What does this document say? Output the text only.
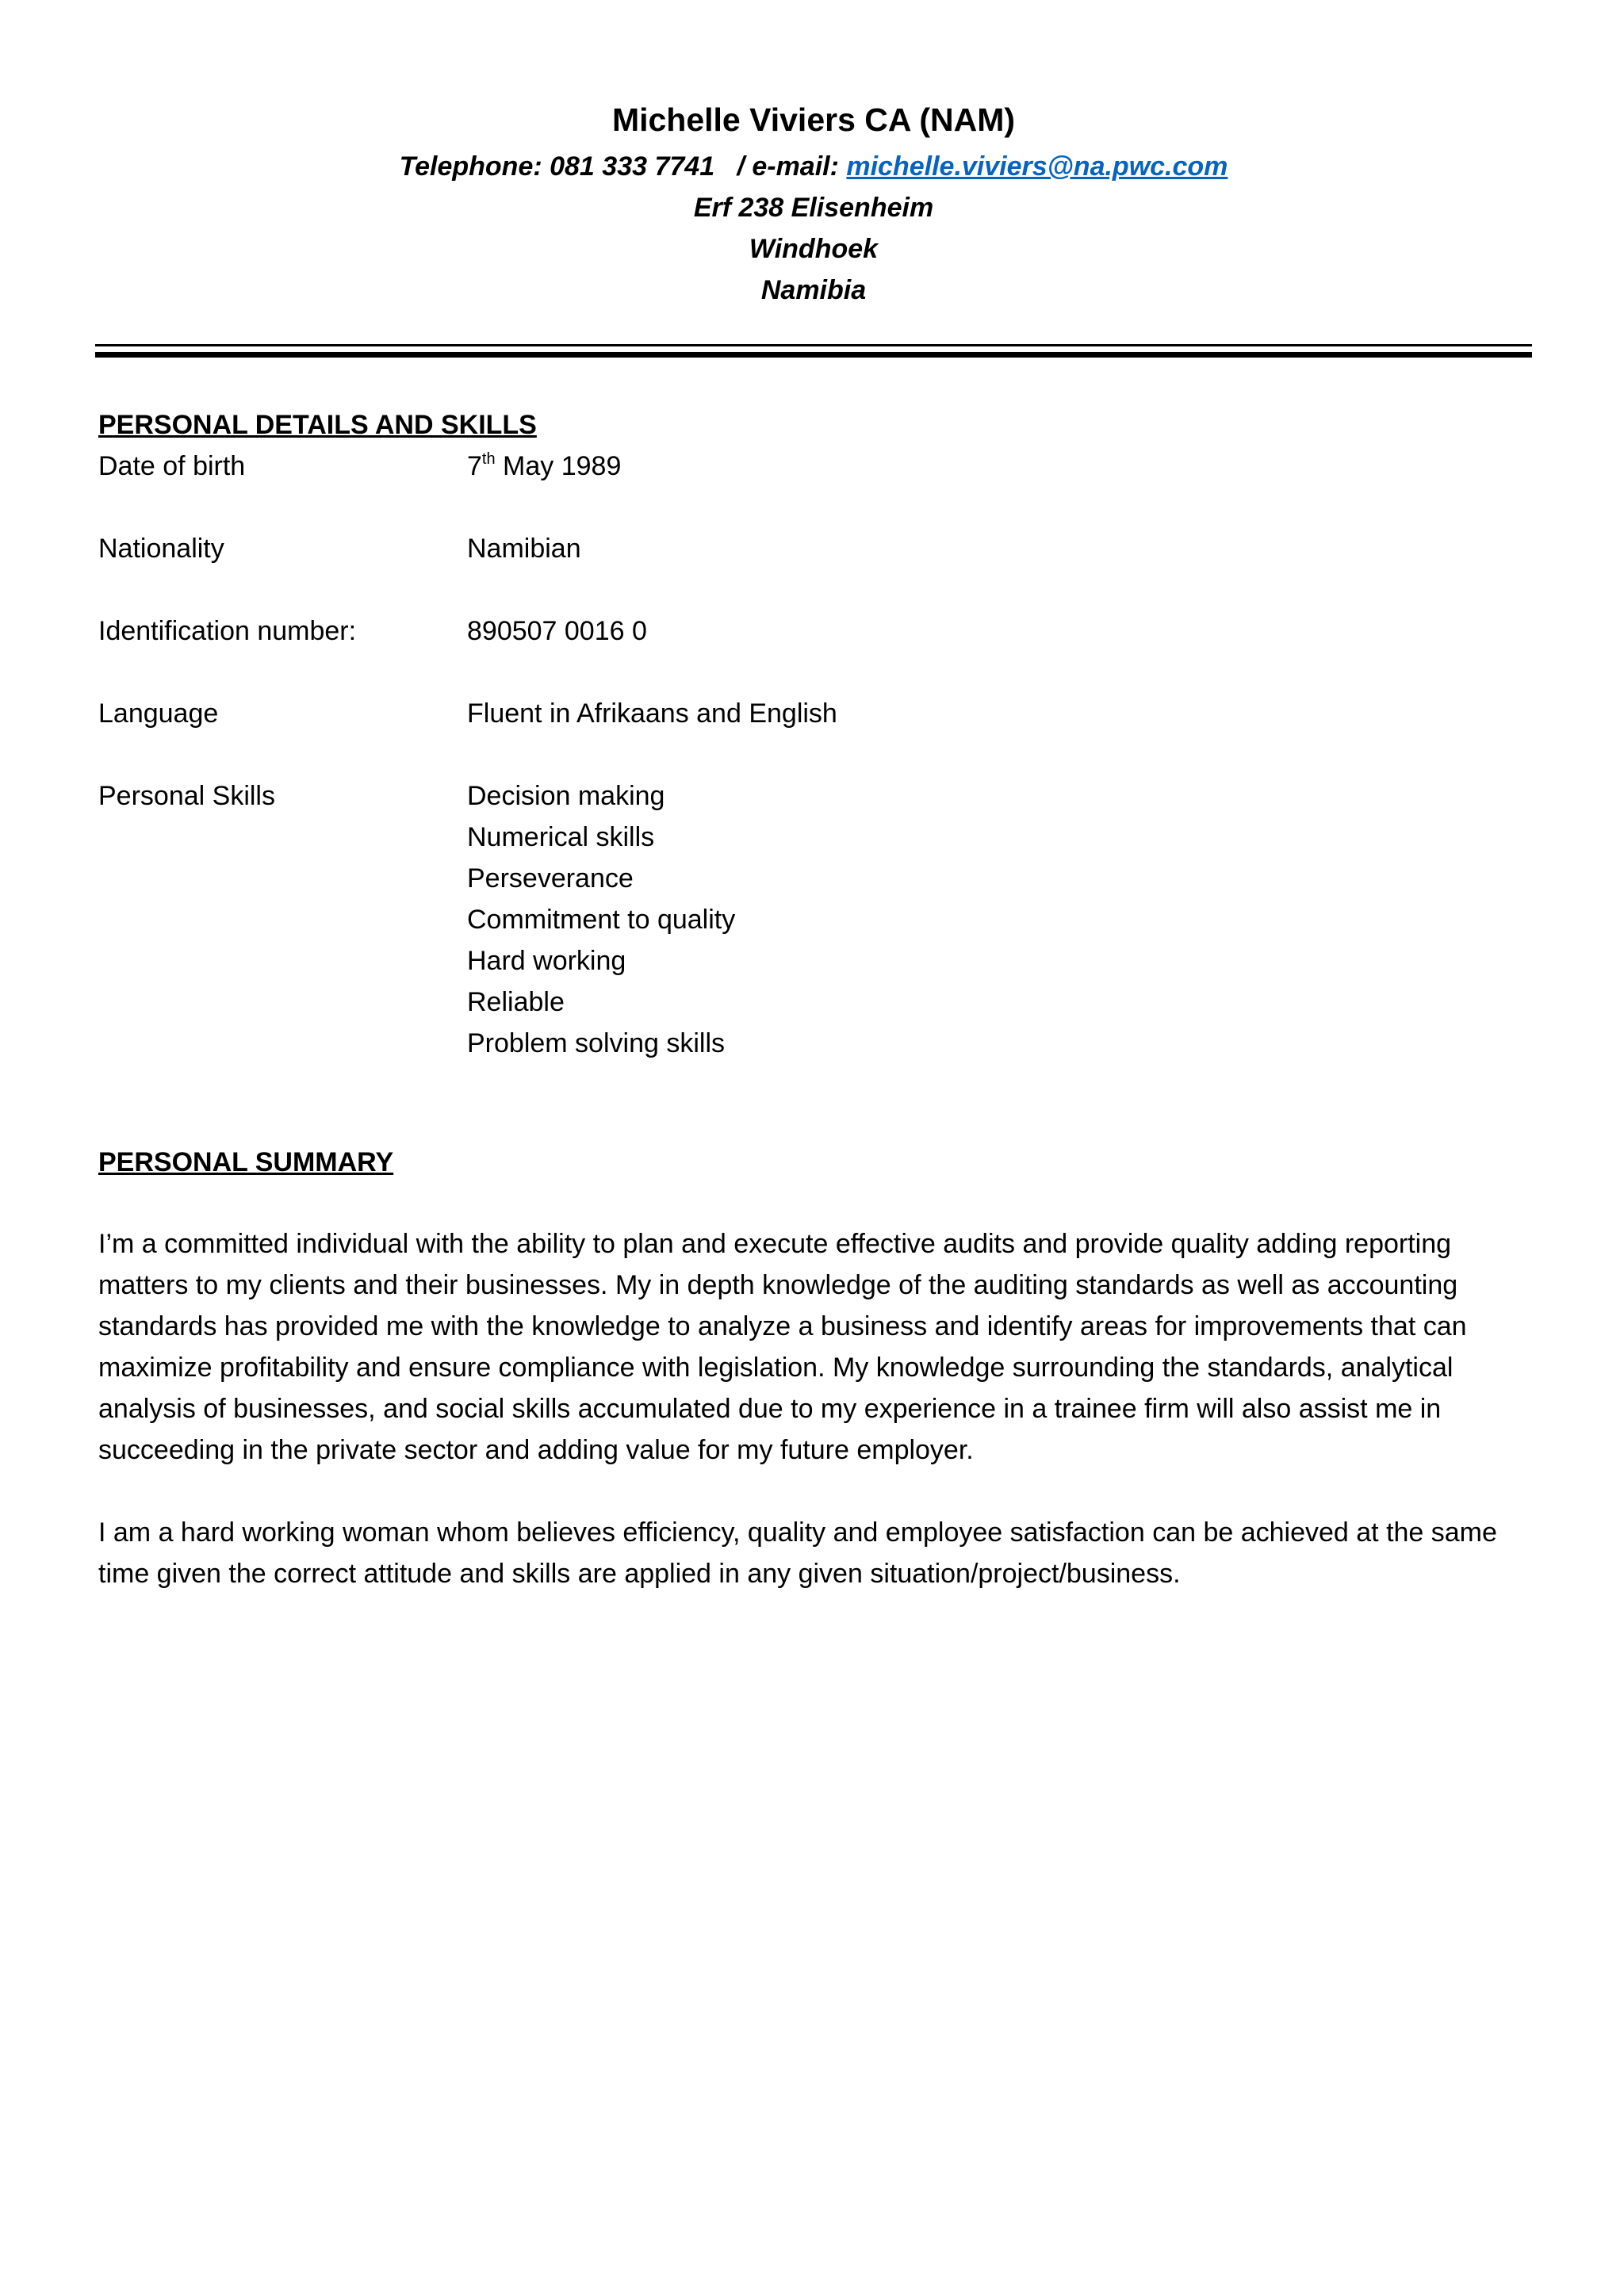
Michelle Viviers CA (NAM)

Telephone: 081 333 7741   / e-mail: michelle.viviers@na.pwc.com

Erf 238 Elisenheim

Windhoek

Namibia

PERSONAL DETAILS AND SKILLS

Date of birth	7th May 1989
Nationality	Namibian
Identification number:	890507 0016 0
Language	Fluent in Afrikaans and English
Personal Skills	Decision making
Numerical skills
Perseverance
Commitment to quality
Hard working
Reliable
Problem solving skills

PERSONAL SUMMARY

I’m a committed individual with the ability to plan and execute effective audits and provide quality adding reporting matters to my clients and their businesses. My in depth knowledge of the auditing standards as well as accounting standards has provided me with the knowledge to analyze a business and identify areas for improvements that can maximize profitability and ensure compliance with legislation. My knowledge surrounding the standards, analytical analysis of businesses, and social skills accumulated due to my experience in a trainee firm will also assist me in succeeding in the private sector and adding value for my future employer.

I am a hard working woman whom believes efficiency, quality and employee satisfaction can be achieved at the same time given the correct attitude and skills are applied in any given situation/project/business.
